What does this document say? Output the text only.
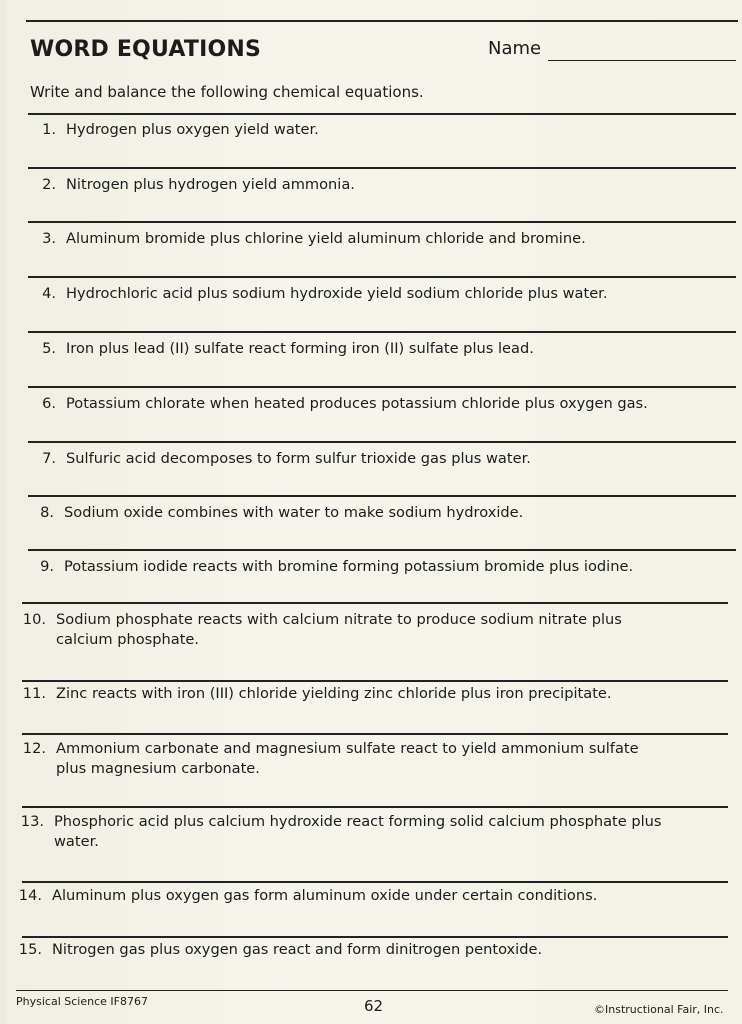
WORD EQUATIONS	Name
Write and balance the following chemical equations.
1. Hydrogen plus oxygen yield water.
2. Nitrogen plus hydrogen yield ammonia.
3. Aluminum bromide plus chlorine yield aluminum chloride and bromine.
4. Hydrochloric acid plus sodium hydroxide yield sodium chloride plus water.
5. Iron plus lead (II) sulfate react forming iron (II) sulfate plus lead.
6. Potassium chlorate when heated produces potassium chloride plus oxygen gas.
7. Sulfuric acid decomposes to form sulfur trioxide gas plus water.
8. Sodium oxide combines with water to make sodium hydroxide.
9. Potassium iodide reacts with bromine forming potassium bromide plus iodine.
10. Sodium phosphate reacts with calcium nitrate to produce sodium nitrate plus
calcium phosphate.
11. Zinc reacts with iron (III) chloride yielding zinc chloride plus iron precipitate.
12. Ammonium carbonate and magnesium sulfate react to yield ammonium sulfate
plus magnesium carbonate.
13. Phosphoric acid plus calcium hydroxide react forming solid calcium phosphate plus
water.
14. Aluminum plus oxygen gas form aluminum oxide under certain conditions.
15. Nitrogen gas plus oxygen gas react and form dinitrogen pentoxide.
Physical Science IF8767	62	©Instructional Fair, Inc.
